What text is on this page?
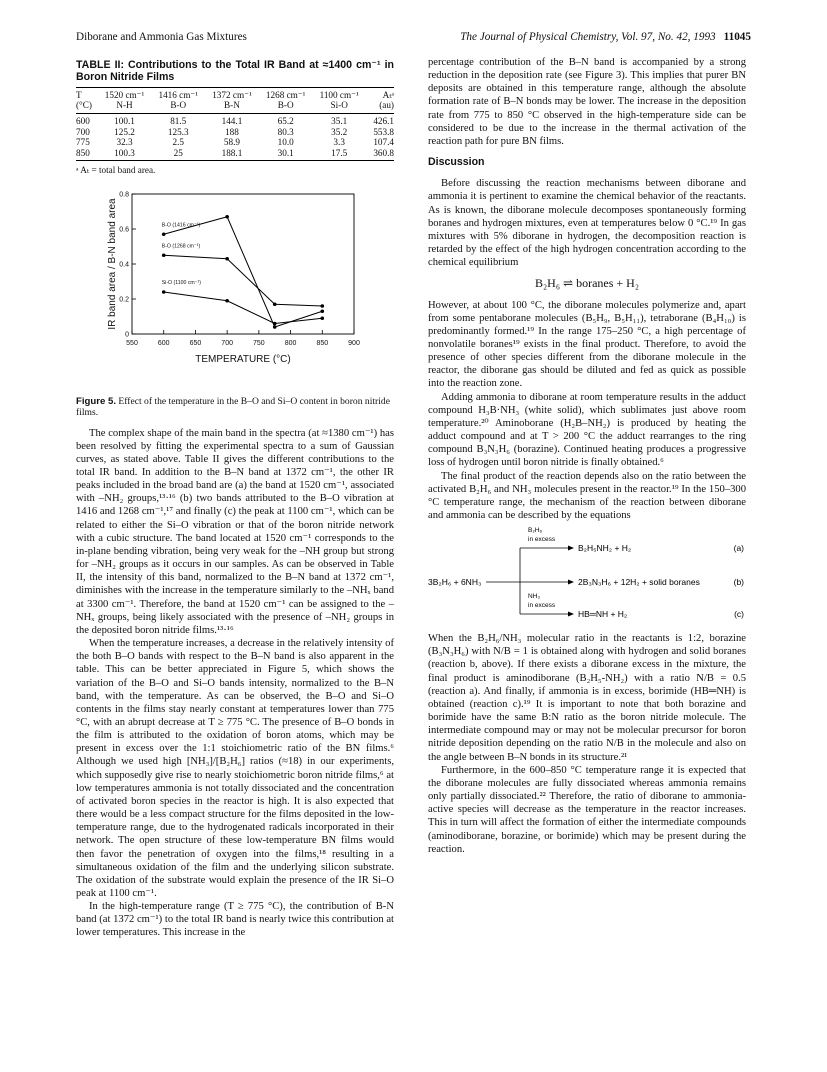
Diborane and Ammonia Gas Mixtures	The Journal of Physical Chemistry, Vol. 97, No. 42, 1993 11045
TABLE II: Contributions to the Total IR Band at ≈1400 cm⁻¹ in Boron Nitride Films
T	1520 cm⁻¹	1416 cm⁻¹	1372 cm⁻¹	1268 cm⁻¹	1100 cm⁻¹	Aₜᵃ
(°C)	N-H	B-O	B-N	B-O	Si-O	(au)
600	100.1	81.5	144.1	65.2	35.1	426.1
700	125.2	125.3	188	80.3	35.2	553.8
775	32.3	2.5	58.9	10.0	3.3	107.4
850	100.3	25	188.1	30.1	17.5	360.8
ᵃ Aₜ = total band area.
550	600	650	700	750	800	850	900
0
0.2
0.4
0.6
0.8
TEMPERATURE (°C)
IR band area / B-N band area	B-O (1416 cm⁻¹)
B-O (1268 cm⁻¹)
Si-O (1100 cm⁻¹)
Figure 5. Effect of the temperature in the B–O and Si–O content in boron nitride films.

The complex shape of the main band in the spectra (at ≈1380 cm⁻¹) has been resolved by fitting the experimental spectra to a sum of Gaussian curves, as stated above. Table II gives the different contributions to the total IR band. In addition to the B–N band at 1372 cm⁻¹, the other IR peaks included in the broad band are (a) the band at 1520 cm⁻¹, associated with –NH₂ groups,¹³·¹⁶ (b) two bands attributed to the B–O vibration at 1416 and 1268 cm⁻¹,¹⁷ and finally (c) the peak at 1100 cm⁻¹, which can be related to either the Si–O vibration or that of the boron nitride network with a cubic structure. The band located at 1520 cm⁻¹ corresponds to the in-plane bending vibration, being very weak for the –NH group but strong for –NH₂ groups as it occurs in our samples. As can be observed in Table II, the intensity of this band, normalized to the B–N band at 1372 cm⁻¹, diminishes with the increase in the temperature similarly to the –NHₓ band at 3300 cm⁻¹. Therefore, the band at 1520 cm⁻¹ can be assigned to the –NHₓ groups, being likely associated with the presence of –NH₂ groups in the deposited boron nitride films.¹³·¹⁶

When the temperature increases, a decrease in the relatively intensity of the both B–O bands with respect to the B–N band is also apparent in the table. This can be better appreciated in Figure 5, which shows the variation of the B–O and Si–O bands intensity, normalized to the B–N band, with the temperature. As can be observed, the B–O and Si–O contents in the films stay nearly constant at temperatures lower than 775 °C, with an abrupt decrease at T ≥ 775 °C. The presence of B–O bonds in the film is attributed to the oxidation of boron atoms, which may be present in excess over the 1:1 stoichiometric ratio of the BN films.⁶ Although we used high [NH₃]/[B₂H₆] ratios (≈18) in our experiments, which supposedly give rise to nearly stoichiometric boron nitride films,⁶ at low temperatures ammonia is not totally dissociated and the concentration of activated boron species in the reactor is high. It is also expected that there would be a less compact structure for the films deposited in the low-temperature range, due to the hydrogenated radicals incorporated in their network. The open structure of these low-temperature BN films would then favor the penetration of oxygen into the films,¹⁸ resulting in a simultaneous oxidation of the film and the underlying silicon substrate. The oxidation of the substrate would explain the presence of the IR Si–O peak at 1100 cm⁻¹.

In the high-temperature range (T ≥ 775 °C), the contribution of B-N band (at 1372 cm⁻¹) to the total IR band is nearly twice this contribution at lower temperatures. This increase in the

percentage contribution of the B–N band is accompanied by a strong reduction in the deposition rate (see Figure 3). This implies that purer BN deposits are obtained in this temperature range, although the absolute formation rate of B–N bonds may be lower. The increase in the deposition rate from 775 to 850 °C observed in the high-temperature side can be considered to be due to the increase in the thermal activation of the reaction path for pure BN films.

Discussion

Before discussing the reaction mechanisms between diborane and ammonia it is pertinent to examine the chemical behavior of the reactants. As is known, the diborane molecule decomposes spontaneously forming boranes and hydrogen mixtures, even at temperatures below 0 °C.¹⁹ In gas mixtures with 5% diborane in hydrogen, the decomposition reaction is retarded by the effect of the high hydrogen concentration according to the chemical equilibrium

B₂H₆ ⇌ boranes + H₂

However, at about 100 °C, the diborane molecules polymerize and, apart from some pentaborane molecules (B₅H₉, B₅H₁₁), tetraborane (B₄H₁₀) is predominantly formed.¹⁹ In the range 175–250 °C, a high percentage of nonvolatile boranes¹⁹ exists in the final product. Therefore, to avoid the presence of other species different from the diborane molecule in the reactor, the diborane gas should be diluted and fed as quick as possible into the reaction zone.

Adding ammonia to diborane at room temperature results in the adduct compound H₃B·NH₃ (white solid), which sublimates just above room temperature.²⁰ Aminoborane (H₂B–NH₂) is produced by heating the adduct compound and at T > 200 °C the adduct rearranges to the ring compound B₃N₃H₆ (borazine). Continued heating produces a progressive loss of hydrogen until boron nitride is finally obtained.⁶

The final product of the reaction depends also on the ratio between the activated B₂H₆ and NH₃ molecules present in the reactor.¹⁹ In the 150–300 °C temperature range, the mechanism of the reaction between diborane and ammonia can be described by the equations

3B₂H₆ + 6NH₃
B₂H₆
in excess
B₂H₅NH₂ + H₂
2B₃N₃H₆ + 12H₂ + solid boranes
NH₃
in excess
HB═NH + H₂
(a)
(b)
(c)

When the B₂H₆/NH₃ molecular ratio in the reactants is 1:2, borazine (B₃N₃H₆) with N/B = 1 is obtained along with hydrogen and solid boranes (reaction b, above). If there exists a diborane excess in the mixture, the final product is aminodiborane (B₂H₅-NH₂) with a ratio N/B = 0.5 (reaction a). And finally, if ammonia is in excess, borimide (HB═NH) is obtained (reaction c).¹⁹ It is important to note that both borazine and borimide have the same B:N ratio as the boron nitride molecule. The intermediate compound may or may not be molecular precursor for boron nitride deposition depending on the ratio N/B in the molecule and also on the angle between B–N bonds in its structure.²¹

Furthermore, in the 600–850 °C temperature range it is expected that the diborane molecules are fully dissociated whereas ammonia remains only partially dissociated.²² Therefore, the ratio of diborane to ammonia-active species will decrease as the temperature in the reactor increases. This in turn will affect the formation of either the intermediate compounds (aminodiborane, borazine, or borimide) which may be present during the reaction.
